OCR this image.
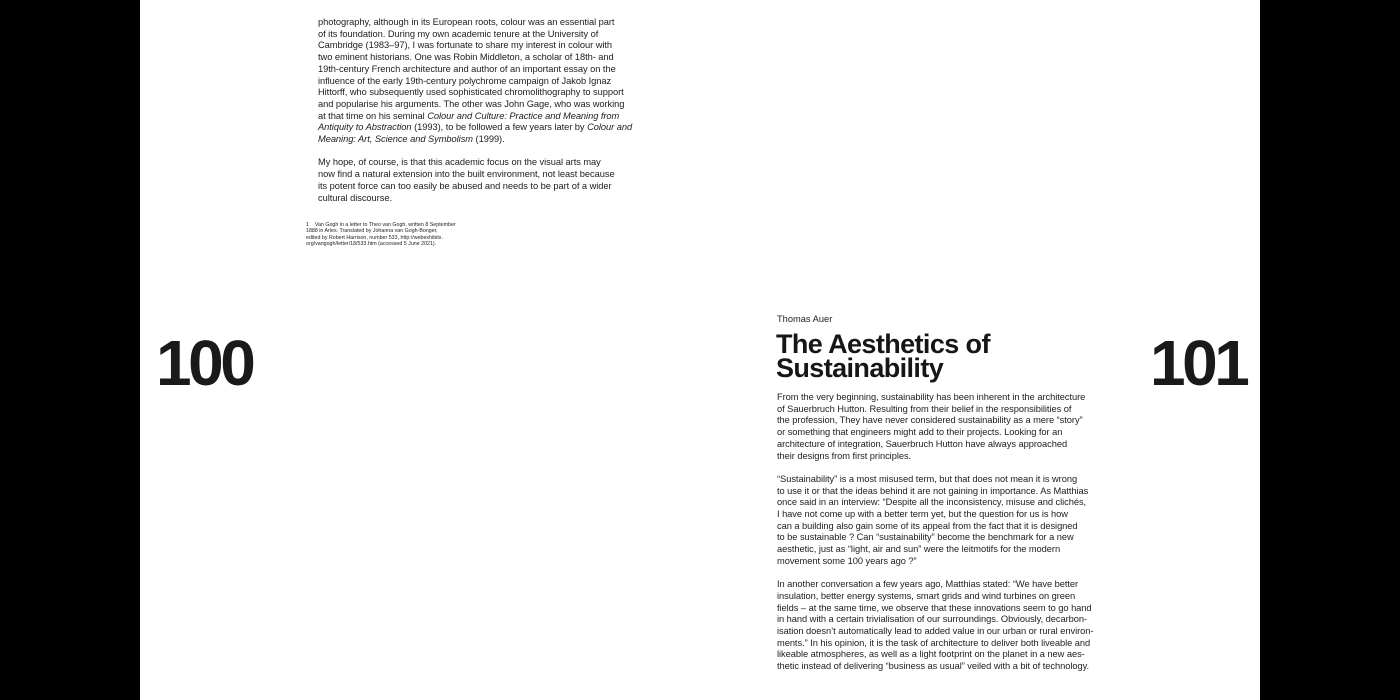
100
photography, although in its European roots, colour was an essential part
of its foundation. During my own academic tenure at the University of
Cambridge (1983–97), I was fortunate to share my interest in colour with
two eminent historians. One was Robin Middleton, a scholar of 18th- and
19th-century French architecture and author of an important essay on the
influence of the early 19th-century polychrome campaign of Jakob Ignaz
Hittorff, who subsequently used sophisticated chromolithography to support
and popularise his arguments. The other was John Gage, who was working
at that time on his seminal Colour and Culture: Practice and Meaning from
Antiquity to Abstraction (1993), to be followed a few years later by Colour and
Meaning: Art, Science and Symbolism (1999).
My hope, of course, is that this academic focus on the visual arts may
now find a natural extension into the built environment, not least because
its potent force can too easily be abused and needs to be part of a wider
cultural discourse.
1    Van Gogh in a letter to Theo van Gogh, written 8 September
1888 in Arles. Translated by Johanna van Gogh-Bonger,
edited by Robert Harrison, number 533, http://webexhibits.
org/vangogh/letter/18/533.htm (accessed 5 June 2021).
Thomas Auer
The Aesthetics of
Sustainability
From the very beginning, sustainability has been inherent in the architecture
of Sauerbruch Hutton. Resulting from their belief in the responsibilities of
the profession, They have never considered sustainability as a mere “story”
or something that engineers might add to their projects. Looking for an
architecture of integration, Sauerbruch Hutton have always approached
their designs from first principles.
“Sustainability” is a most misused term, but that does not mean it is wrong
to use it or that the ideas behind it are not gaining in importance. As Matthias
once said in an interview: “Despite all the inconsistency, misuse and clichés,
I have not come up with a better term yet, but the question for us is how
can a building also gain some of its appeal from the fact that it is designed
to be sustainable ? Can “sustainability” become the benchmark for a new
aesthetic, just as “light, air and sun” were the leitmotifs for the modern
movement some 100 years ago ?”
In another conversation a few years ago, Matthias stated: “We have better
insulation, better energy systems, smart grids and wind turbines on green
fields – at the same time, we observe that these innovations seem to go hand
in hand with a certain trivialisation of our surroundings. Obviously, decarbon-
isation doesn’t automatically lead to added value in our urban or rural environ-
ments.” In his opinion, it is the task of architecture to deliver both liveable and
likeable atmospheres, as well as a light footprint on the planet in a new aes-
thetic instead of delivering “business as usual” veiled with a bit of technology.
101
